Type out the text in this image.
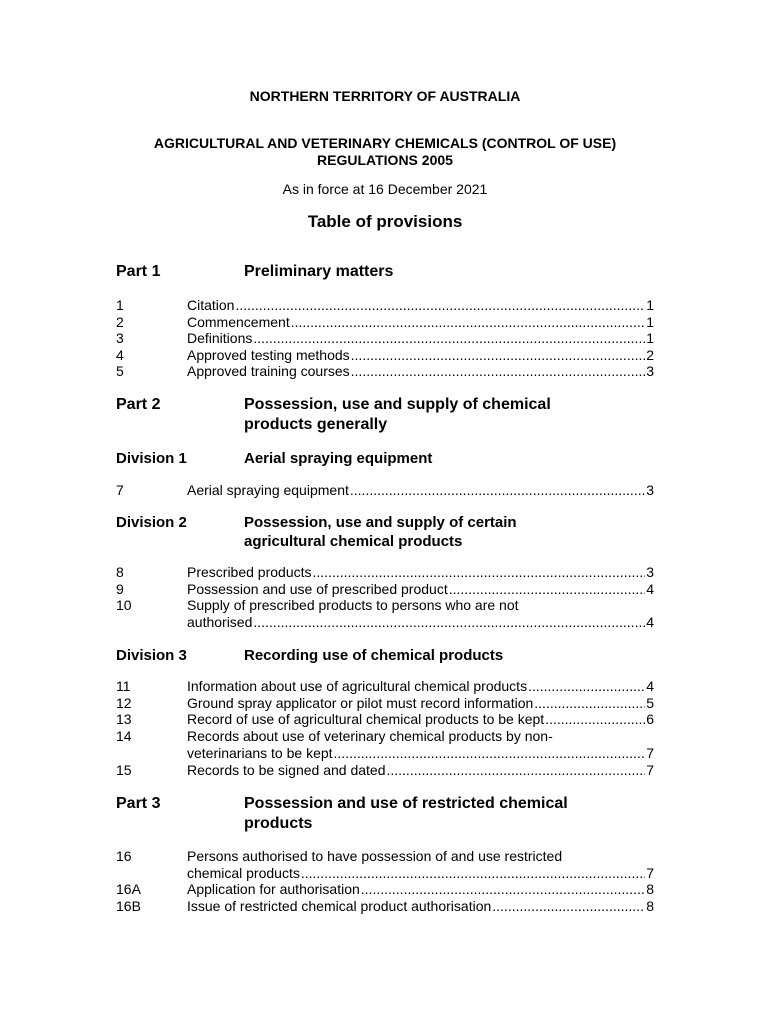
NORTHERN TERRITORY OF AUSTRALIA
AGRICULTURAL AND VETERINARY CHEMICALS (CONTROL OF USE)
REGULATIONS 2005
As in force at 16 December 2021
Table of provisions
Part 1	Preliminary matters
1	Citation .....	1
2	Commencement .....	1
3	Definitions .....	1
4	Approved testing methods .....	2
5	Approved training courses .....	3
Part 2	Possession, use and supply of chemical
products generally
Division 1	Aerial spraying equipment
7	Aerial spraying equipment .....	3
Division 2	Possession, use and supply of certain
agricultural chemical products
8	Prescribed products .....	3
9	Possession and use of prescribed product .....	4
10	Supply of prescribed products to persons who are not
authorised .....	4
Division 3	Recording use of chemical products
11	Information about use of agricultural chemical products .....	4
12	Ground spray applicator or pilot must record information .....	5
13	Record of use of agricultural chemical products to be kept .....	6
14	Records about use of veterinary chemical products by non-
veterinarians to be kept .....	7
15	Records to be signed and dated .....	7
Part 3	Possession and use of restricted chemical
products
16	Persons authorised to have possession of and use restricted
chemical products .....	7
16A	Application for authorisation .....	8
16B	Issue of restricted chemical product authorisation .....	8
